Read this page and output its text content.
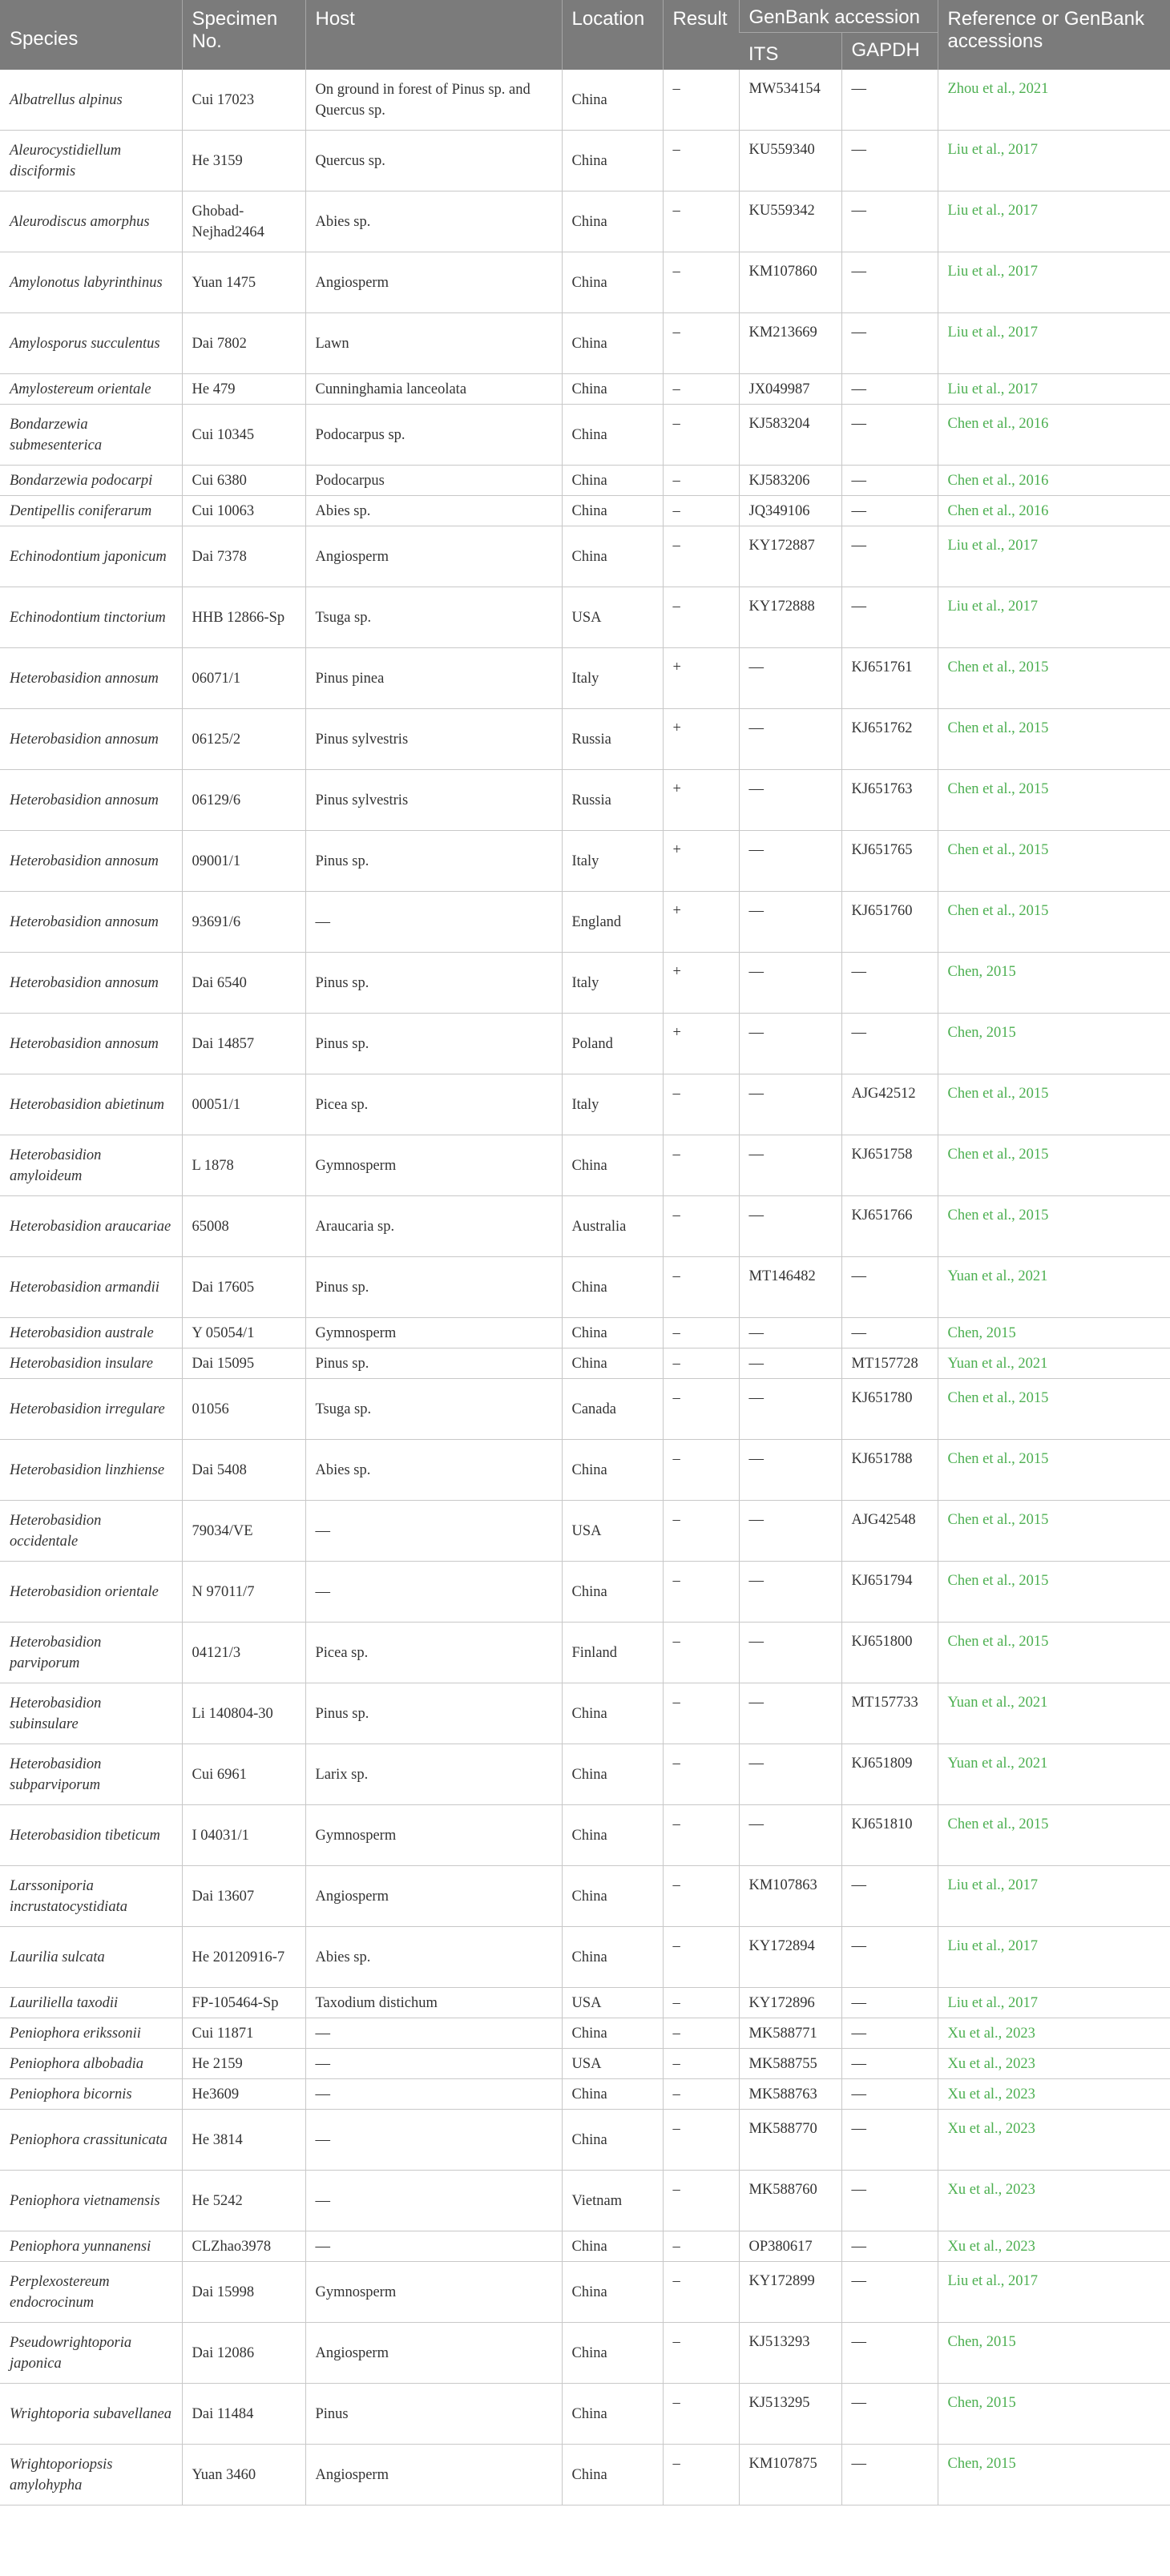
Species	Specimen No.	Host	Location	Result	GenBank accession		Reference or GenBank accessions
					ITS	GAPDH	
Albatrellus alpinus	Cui 17023	On ground in forest of Pinus sp. and Quercus sp.	China	–	MW534154	—	Zhou et al., 2021
Aleurocystidiellum disciformis	He 3159	Quercus sp.	China	–	KU559340	—	Liu et al., 2017
Aleurodiscus amorphus	Ghobad-Nejhad2464	Abies sp.	China	–	KU559342	—	Liu et al., 2017
Amylonotus labyrinthinus	Yuan 1475	Angiosperm	China	–	KM107860	—	Liu et al., 2017
Amylosporus succulentus	Dai 7802	Lawn	China	–	KM213669	—	Liu et al., 2017
Amylostereum orientale	He 479	Cunninghamia lanceolata	China	–	JX049987	—	Liu et al., 2017
Bondarzewia submesenterica	Cui 10345	Podocarpus sp.	China	–	KJ583204	—	Chen et al., 2016
Bondarzewia podocarpi	Cui 6380	Podocarpus	China	–	KJ583206	—	Chen et al., 2016
Dentipellis coniferarum	Cui 10063	Abies sp.	China	–	JQ349106	—	Chen et al., 2016
Echinodontium japonicum	Dai 7378	Angiosperm	China	–	KY172887	—	Liu et al., 2017
Echinodontium tinctorium	HHB 12866-Sp	Tsuga sp.	USA	–	KY172888	—	Liu et al., 2017
Heterobasidion annosum	06071/1	Pinus pinea	Italy	+	—	KJ651761	Chen et al., 2015
Heterobasidion annosum	06125/2	Pinus sylvestris	Russia	+	—	KJ651762	Chen et al., 2015
Heterobasidion annosum	06129/6	Pinus sylvestris	Russia	+	—	KJ651763	Chen et al., 2015
Heterobasidion annosum	09001/1	Pinus sp.	Italy	+	—	KJ651765	Chen et al., 2015
Heterobasidion annosum	93691/6	—	England	+	—	KJ651760	Chen et al., 2015
Heterobasidion annosum	Dai 6540	Pinus sp.	Italy	+	—	—	Chen, 2015
Heterobasidion annosum	Dai 14857	Pinus sp.	Poland	+	—	—	Chen, 2015
Heterobasidion abietinum	00051/1	Picea sp.	Italy	–	—	AJG42512	Chen et al., 2015
Heterobasidion amyloideum	L 1878	Gymnosperm	China	–	—	KJ651758	Chen et al., 2015
Heterobasidion araucariae	65008	Araucaria sp.	Australia	–	—	KJ651766	Chen et al., 2015
Heterobasidion armandii	Dai 17605	Pinus sp.	China	–	MT146482	—	Yuan et al., 2021
Heterobasidion australe	Y 05054/1	Gymnosperm	China	–	—	—	Chen, 2015
Heterobasidion insulare	Dai 15095	Pinus sp.	China	–	—	MT157728	Yuan et al., 2021
Heterobasidion irregulare	01056	Tsuga sp.	Canada	–	—	KJ651780	Chen et al., 2015
Heterobasidion linzhiense	Dai 5408	Abies sp.	China	–	—	KJ651788	Chen et al., 2015
Heterobasidion occidentale	79034/VE	—	USA	–	—	AJG42548	Chen et al., 2015
Heterobasidion orientale	N 97011/7	—	China	–	—	KJ651794	Chen et al., 2015
Heterobasidion parviporum	04121/3	Picea sp.	Finland	–	—	KJ651800	Chen et al., 2015
Heterobasidion subinsulare	Li 140804-30	Pinus sp.	China	–	—	MT157733	Yuan et al., 2021
Heterobasidion subparviporum	Cui 6961	Larix sp.	China	–	—	KJ651809	Yuan et al., 2021
Heterobasidion tibeticum	I 04031/1	Gymnosperm	China	–	—	KJ651810	Chen et al., 2015
Larssoniporia incrustatocystidiata	Dai 13607	Angiosperm	China	–	KM107863	—	Liu et al., 2017
Laurilia sulcata	He 20120916-7	Abies sp.	China	–	KY172894	—	Liu et al., 2017
Lauriliella taxodii	FP-105464-Sp	Taxodium distichum	USA	–	KY172896	—	Liu et al., 2017
Peniophora erikssonii	Cui 11871	—	China	–	MK588771	—	Xu et al., 2023
Peniophora albobadia	He 2159	—	USA	–	MK588755	—	Xu et al., 2023
Peniophora bicornis	He3609	—	China	–	MK588763	—	Xu et al., 2023
Peniophora crassitunicata	He 3814	—	China	–	MK588770	—	Xu et al., 2023
Peniophora vietnamensis	He 5242	—	Vietnam	–	MK588760	—	Xu et al., 2023
Peniophora yunnanensi	CLZhao3978	—	China	–	OP380617	—	Xu et al., 2023
Perplexostereum endocrocinum	Dai 15998	Gymnosperm	China	–	KY172899	—	Liu et al., 2017
Pseudowrightoporia japonica	Dai 12086	Angiosperm	China	–	KJ513293	—	Chen, 2015
Wrightoporia subavellanea	Dai 11484	Pinus	China	–	KJ513295	—	Chen, 2015
Wrightoporiopsis amylohypha	Yuan 3460	Angiosperm	China	–	KM107875	—	Chen, 2015
